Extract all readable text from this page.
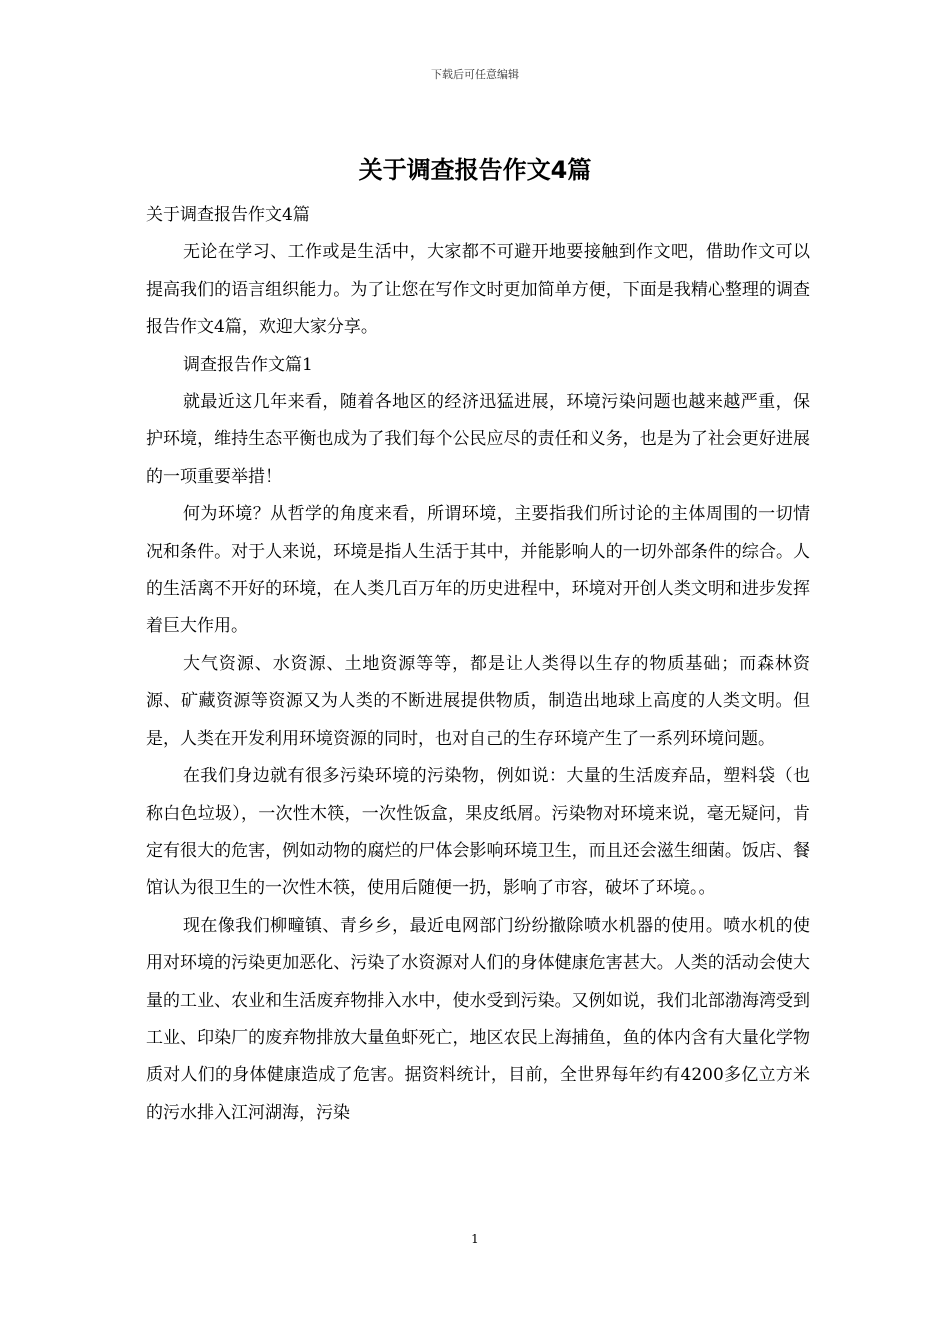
下载后可任意编辑
关于调查报告作文4篇

关于调查报告作文4篇

无论在学习、工作或是生活中，大家都不可避开地要接触到作文吧，借助作文可以提高我们的语言组织能力。为了让您在写作文时更加简单方便，下面是我精心整理的调查报告作文4篇，欢迎大家分享。

调查报告作文篇1

就最近这几年来看，随着各地区的经济迅猛进展，环境污染问题也越来越严重，保护环境，维持生态平衡也成为了我们每个公民应尽的责任和义务，也是为了社会更好进展的一项重要举措！

何为环境？从哲学的角度来看，所谓环境，主要指我们所讨论的主体周围的一切情况和条件。对于人来说，环境是指人生活于其中，并能影响人的一切外部条件的综合。人的生活离不开好的环境，在人类几百万年的历史进程中，环境对开创人类文明和进步发挥着巨大作用。

大气资源、水资源、土地资源等等，都是让人类得以生存的物质基础；而森林资源、矿藏资源等资源又为人类的不断进展提供物质，制造出地球上高度的人类文明。但是，人类在开发利用环境资源的同时，也对自己的生存环境产生了一系列环境问题。

在我们身边就有很多污染环境的污染物，例如说：大量的生活废弃品，塑料袋（也称白色垃圾），一次性木筷，一次性饭盒，果皮纸屑。污染物对环境来说，毫无疑问，肯定有很大的危害，例如动物的腐烂的尸体会影响环境卫生，而且还会滋生细菌。饭店、餐馆认为很卫生的一次性木筷，使用后随便一扔，影响了市容，破坏了环境。。

现在像我们柳疃镇、青乡乡，最近电网部门纷纷撤除喷水机器的使用。喷水机的使用对环境的污染更加恶化、污染了水资源对人们的身体健康危害甚大。人类的活动会使大量的工业、农业和生活废弃物排入水中，使水受到污染。又例如说，我们北部渤海湾受到工业、印染厂的废弃物排放大量鱼虾死亡，地区农民上海捕鱼，鱼的体内含有大量化学物质对人们的身体健康造成了危害。据资料统计，目前，全世界每年约有4200多亿立方米的污水排入江河湖海，污染

1
